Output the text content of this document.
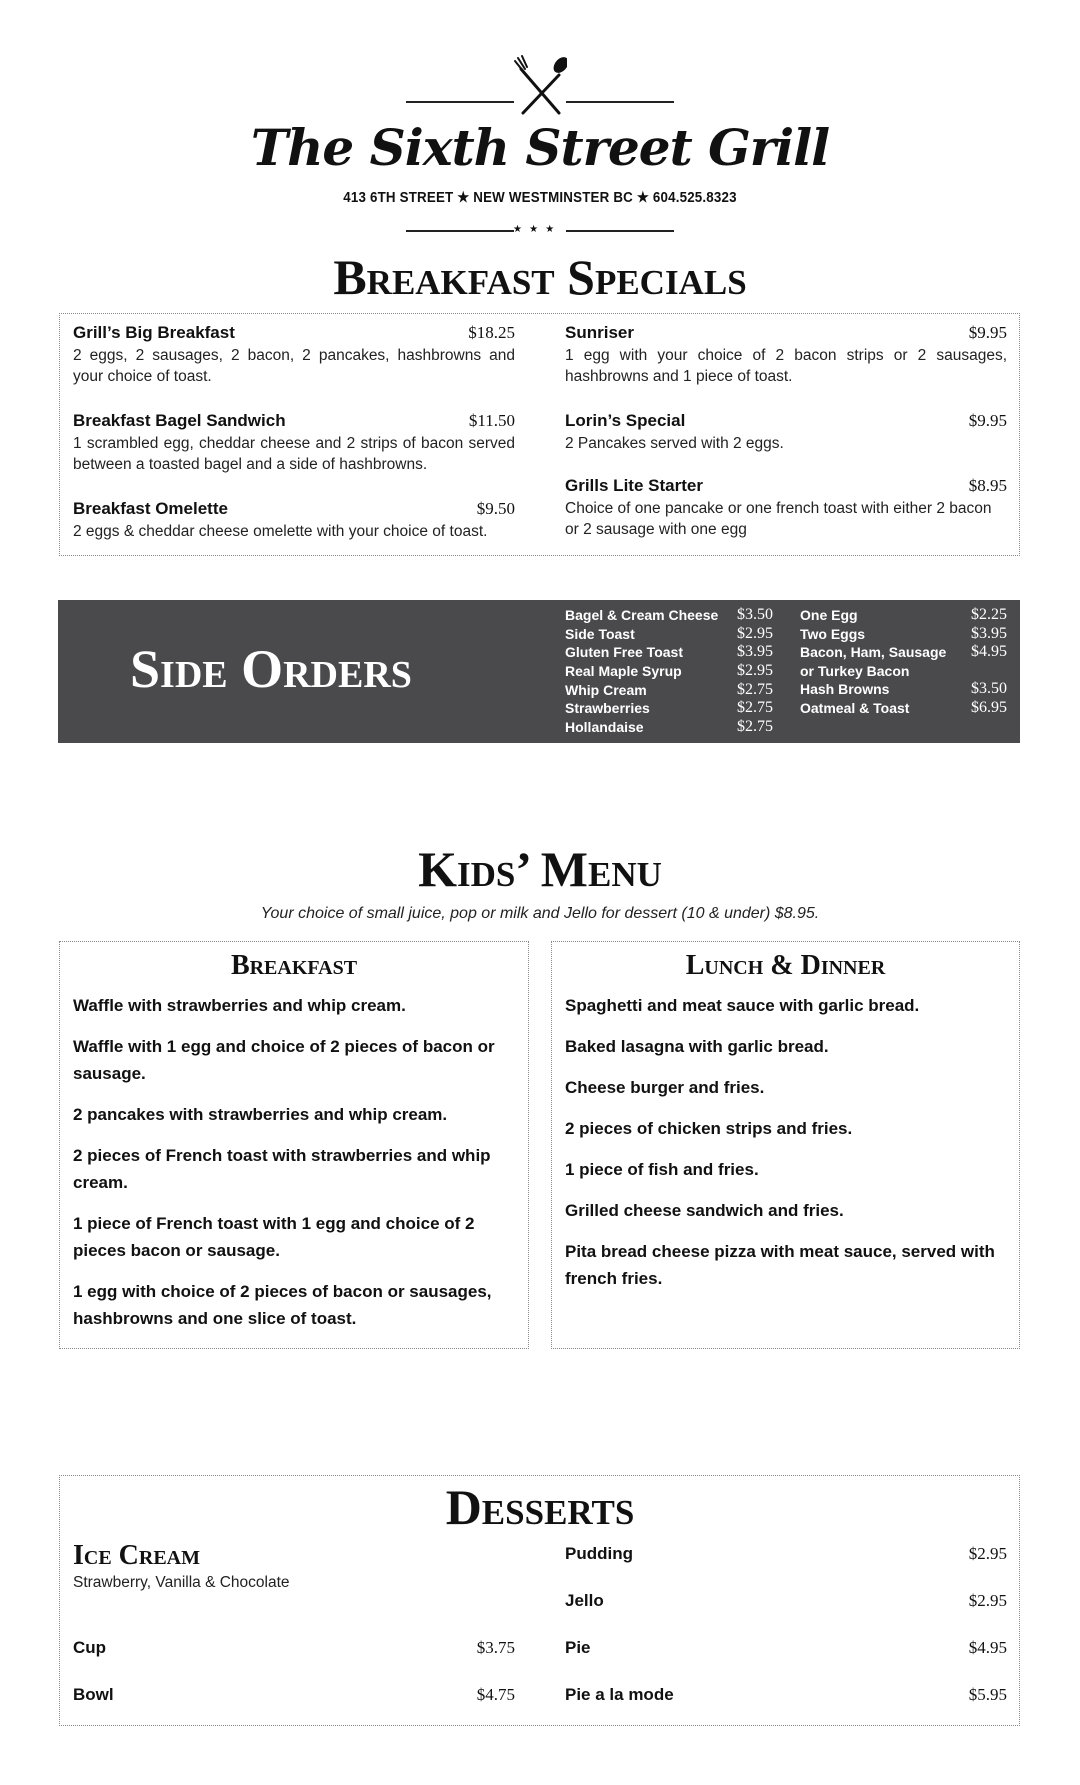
The Sixth Street Grill
413 6TH STREET ★ NEW WESTMINSTER BC ★ 604.525.8323
★ ★ ★
Breakfast Specials
Grill’s Big Breakfast	$18.25
2 eggs, 2 sausages, 2 bacon, 2 pancakes, hashbrowns and your choice of toast.
Breakfast Bagel Sandwich	$11.50
1 scrambled egg, cheddar cheese and 2 strips of bacon served between a toasted bagel and a side of hashbrowns.
Breakfast Omelette	$9.50
2 eggs & cheddar cheese omelette with your choice of toast.
Sunriser	$9.95
1 egg with your choice of 2 bacon strips or 2 sausages, hashbrowns and 1 piece of toast.
Lorin’s Special	$9.95
2 Pancakes served with 2 eggs.
Grills Lite Starter	$8.95
Choice of one pancake or one french toast with either 2 bacon or 2 sausage with one egg
Side Orders
Bagel & Cream Cheese $3.50
Side Toast	$2.95
Gluten Free Toast	$3.95
Real Maple Syrup	$2.95
Whip Cream	$2.75
Strawberries	$2.75
Hollandaise	$2.75
One Egg	$2.25
Two Eggs	$3.95
Bacon, Ham, Sausage
or Turkey Bacon
$4.95
Hash Browns	$3.50
Oatmeal & Toast	$6.95
Kids’ Menu
Your choice of small juice, pop or milk and Jello for dessert (10 & under) $8.95.
Breakfast	Lunch & Dinner
Waffle with strawberries and whip cream.
Waffle with 1 egg and choice of 2 pieces of bacon or sausage.
2 pancakes with strawberries and whip cream.
2 pieces of French toast with strawberries and whip cream.
1 piece of French toast with 1 egg and choice of 2 pieces bacon or sausage.
1 egg with choice of 2 pieces of bacon or sausages, hashbrowns and one slice of toast.
Spaghetti and meat sauce with garlic bread.
Baked lasagna with garlic bread.
Cheese burger and fries.
2 pieces of chicken strips and fries.
1 piece of fish and fries.
Grilled cheese sandwich and fries.
Pita bread cheese pizza with meat sauce, served with french fries.
Desserts
Ice Cream
Strawberry, Vanilla & Chocolate
Cup	$3.75
Bowl	$4.75
Pudding	$2.95
Jello	$2.95
Pie	$4.95
Pie a la mode	$5.95
